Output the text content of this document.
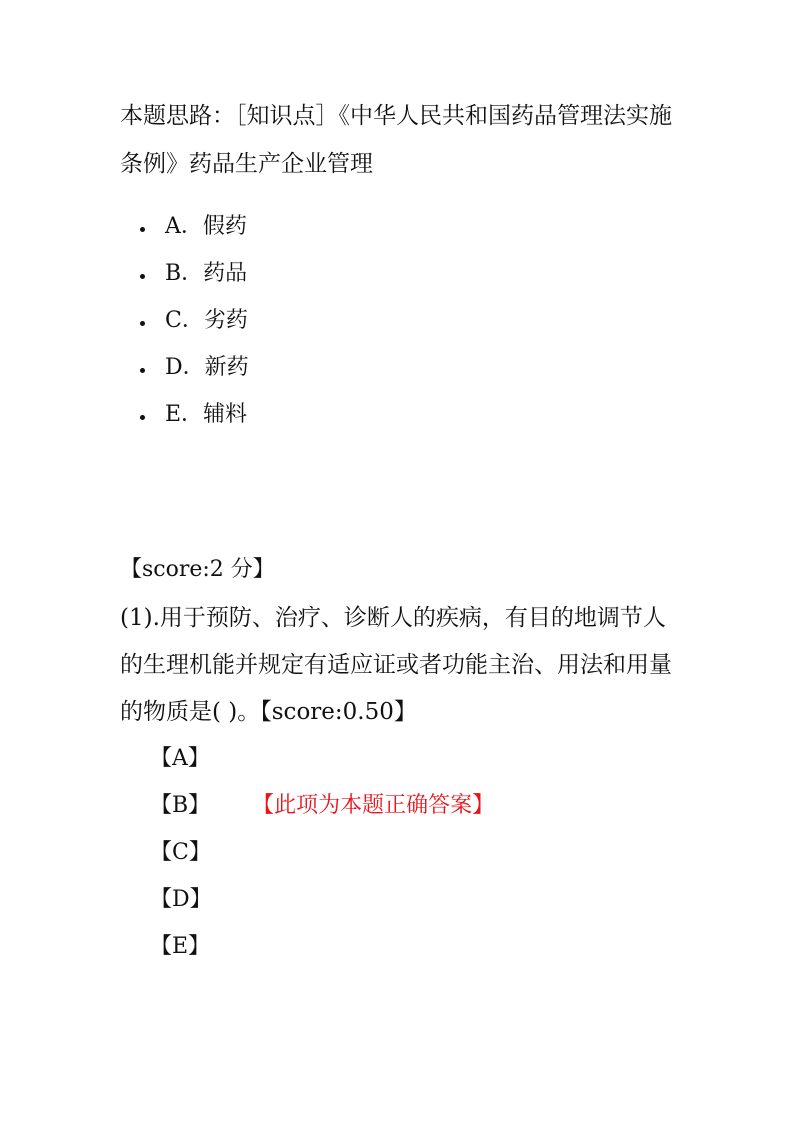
本题思路：［知识点］《中华人民共和国药品管理法实施条例》药品生产企业管理

A．假药
B．药品
C．劣药
D．新药
E．辅料

【score:2 分】

(1).用于预防、治疗、诊断人的疾病，有目的地调节人的生理机能并规定有适应证或者功能主治、用法和用量的物质是( )。【score:0.50】

【A】
【B】 【此项为本题正确答案】
【C】
【D】
【E】
